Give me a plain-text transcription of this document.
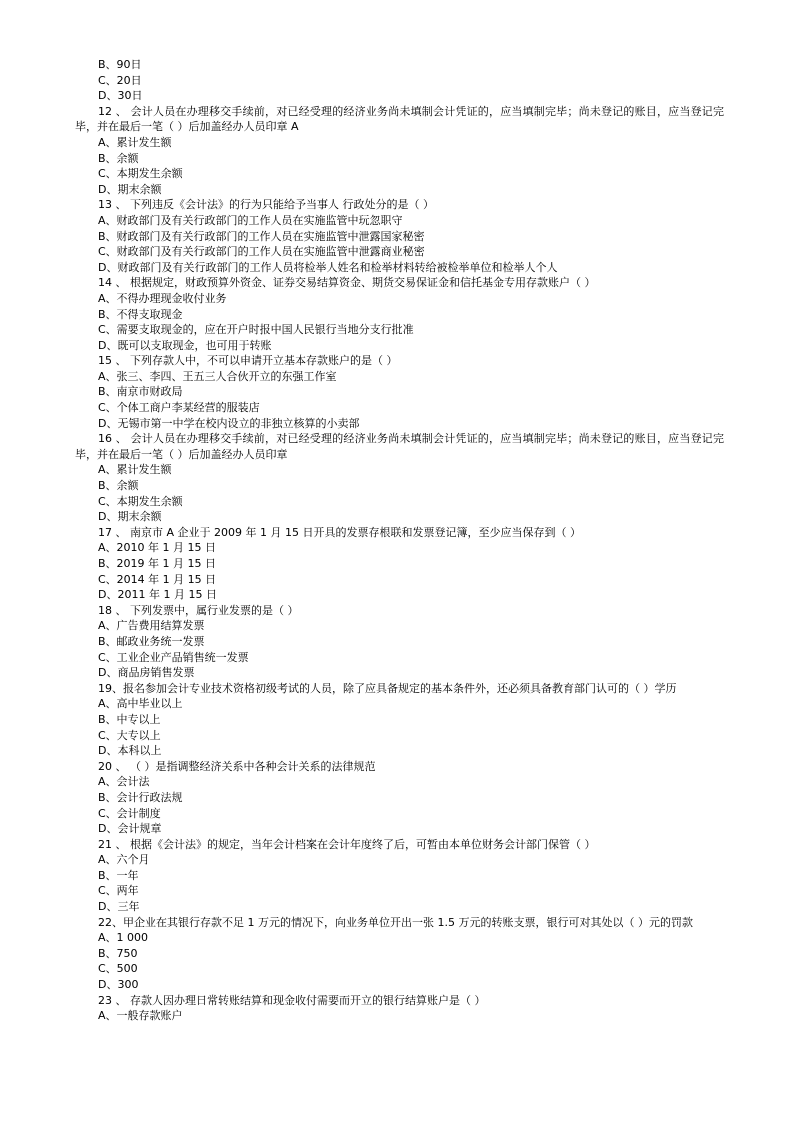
B、90日
C、20日
D、30日
12 、 会计人员在办理移交手续前，对已经受理的经济业务尚未填制会计凭证的，应当填制完毕；尚未登记的账目，应当登记完毕，并在最后一笔（ ）后加盖经办人员印章 A
A、累计发生额
B、余额
C、本期发生余额
D、期末余额
13 、 下列违反《会计法》的行为只能给予当事人 行政处分的是（ ）
A、财政部门及有关行政部门的工作人员在实施监管中玩忽职守
B、财政部门及有关行政部门的工作人员在实施监管中泄露国家秘密
C、财政部门及有关行政部门的工作人员在实施监管中泄露商业秘密
D、财政部门及有关行政部门的工作人员将检举人姓名和检举材料转给被检举单位和检举人个人
14 、 根据规定，财政预算外资金、证券交易结算资金、期货交易保证金和信托基金专用存款账户（ ）
A、不得办理现金收付业务
B、不得支取现金
C、需要支取现金的，应在开户时报中国人民银行当地分支行批准
D、既可以支取现金，也可用于转账
15 、 下列存款人中，不可以申请开立基本存款账户的是（ ）
A、张三、李四、王五三人合伙开立的东强工作室
B、南京市财政局
C、个体工商户李某经营的服装店
D、无锡市第一中学在校内设立的非独立核算的小卖部
16 、 会计人员在办理移交手续前，对已经受理的经济业务尚未填制会计凭证的，应当填制完毕；尚未登记的账目，应当登记完毕，并在最后一笔（ ）后加盖经办人员印章
A、累计发生额
B、余额
C、本期发生余额
D、期末余额
17 、 南京市 A 企业于 2009 年 1 月 15 日开具的发票存根联和发票登记簿，至少应当保存到（ ）
A、2010 年 1 月 15 日
B、2019 年 1 月 15 日
C、2014 年 1 月 15 日
D、2011 年 1 月 15 日
18 、 下列发票中，属行业发票的是（ ）
A、广告费用结算发票
B、邮政业务统一发票
C、工业企业产品销售统一发票
D、商品房销售发票
19、报名参加会计专业技术资格初级考试的人员，除了应具备规定的基本条件外，还必须具备教育部门认可的（ ）学历
A、高中毕业以上
B、中专以上
C、大专以上
D、本科以上
20 、 （ ）是指调整经济关系中各种会计关系的法律规范
A、会计法
B、会计行政法规
C、会计制度
D、会计规章
21 、 根据《会计法》的规定，当年会计档案在会计年度终了后，可暂由本单位财务会计部门保管（ ）
A、六个月
B、一年
C、两年
D、三年
22、甲企业在其银行存款不足 1 万元的情况下，向业务单位开出一张 1.5 万元的转账支票，银行可对其处以（ ）元的罚款
A、1 000
B、750
C、500
D、300
23 、 存款人因办理日常转账结算和现金收付需要而开立的银行结算账户是（ ）
A、一般存款账户
